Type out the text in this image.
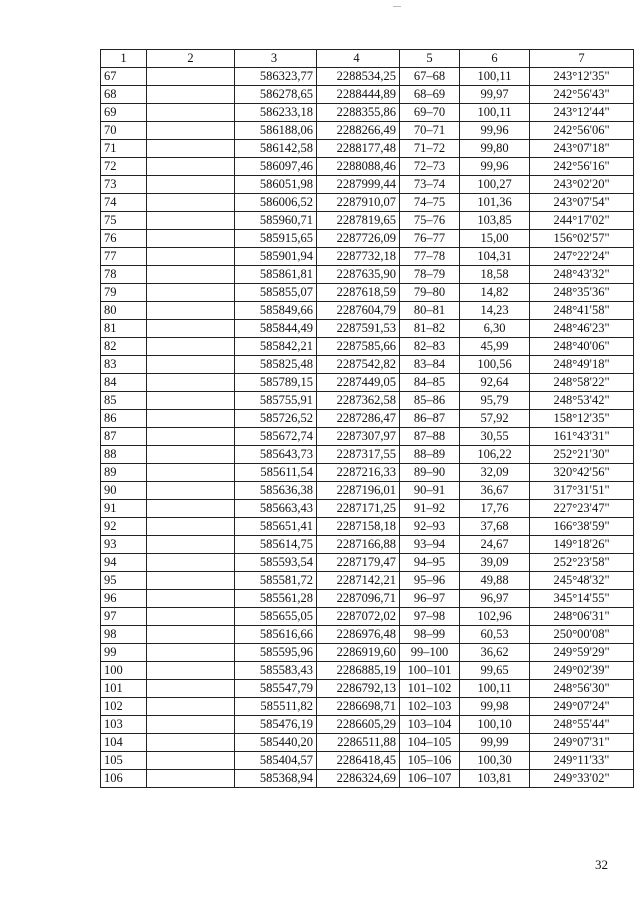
1	2	3	4	5	6	7
67		586323,77	2288534,25	67–68	100,11	243°12'35"
68		586278,65	2288444,89	68–69	99,97	242°56'43"
69		586233,18	2288355,86	69–70	100,11	243°12'44"
70		586188,06	2288266,49	70–71	99,96	242°56'06"
71		586142,58	2288177,48	71–72	99,80	243°07'18"
72		586097,46	2288088,46	72–73	99,96	242°56'16"
73		586051,98	2287999,44	73–74	100,27	243°02'20"
74		586006,52	2287910,07	74–75	101,36	243°07'54"
75		585960,71	2287819,65	75–76	103,85	244°17'02"
76		585915,65	2287726,09	76–77	15,00	156°02'57"
77		585901,94	2287732,18	77–78	104,31	247°22'24"
78		585861,81	2287635,90	78–79	18,58	248°43'32"
79		585855,07	2287618,59	79–80	14,82	248°35'36"
80		585849,66	2287604,79	80–81	14,23	248°41'58"
81		585844,49	2287591,53	81–82	6,30	248°46'23"
82		585842,21	2287585,66	82–83	45,99	248°40'06"
83		585825,48	2287542,82	83–84	100,56	248°49'18"
84		585789,15	2287449,05	84–85	92,64	248°58'22"
85		585755,91	2287362,58	85–86	95,79	248°53'42"
86		585726,52	2287286,47	86–87	57,92	158°12'35"
87		585672,74	2287307,97	87–88	30,55	161°43'31"
88		585643,73	2287317,55	88–89	106,22	252°21'30"
89		585611,54	2287216,33	89–90	32,09	320°42'56"
90		585636,38	2287196,01	90–91	36,67	317°31'51"
91		585663,43	2287171,25	91–92	17,76	227°23'47"
92		585651,41	2287158,18	92–93	37,68	166°38'59"
93		585614,75	2287166,88	93–94	24,67	149°18'26"
94		585593,54	2287179,47	94–95	39,09	252°23'58"
95		585581,72	2287142,21	95–96	49,88	245°48'32"
96		585561,28	2287096,71	96–97	96,97	345°14'55"
97		585655,05	2287072,02	97–98	102,96	248°06'31"
98		585616,66	2286976,48	98–99	60,53	250°00'08"
99		585595,96	2286919,60	99–100	36,62	249°59'29"
100		585583,43	2286885,19	100–101	99,65	249°02'39"
101		585547,79	2286792,13	101–102	100,11	248°56'30"
102		585511,82	2286698,71	102–103	99,98	249°07'24"
103		585476,19	2286605,29	103–104	100,10	248°55'44"
104		585440,20	2286511,88	104–105	99,99	249°07'31"
105		585404,57	2286418,45	105–106	100,30	249°11'33"
106		585368,94	2286324,69	106–107	103,81	249°33'02"
32
